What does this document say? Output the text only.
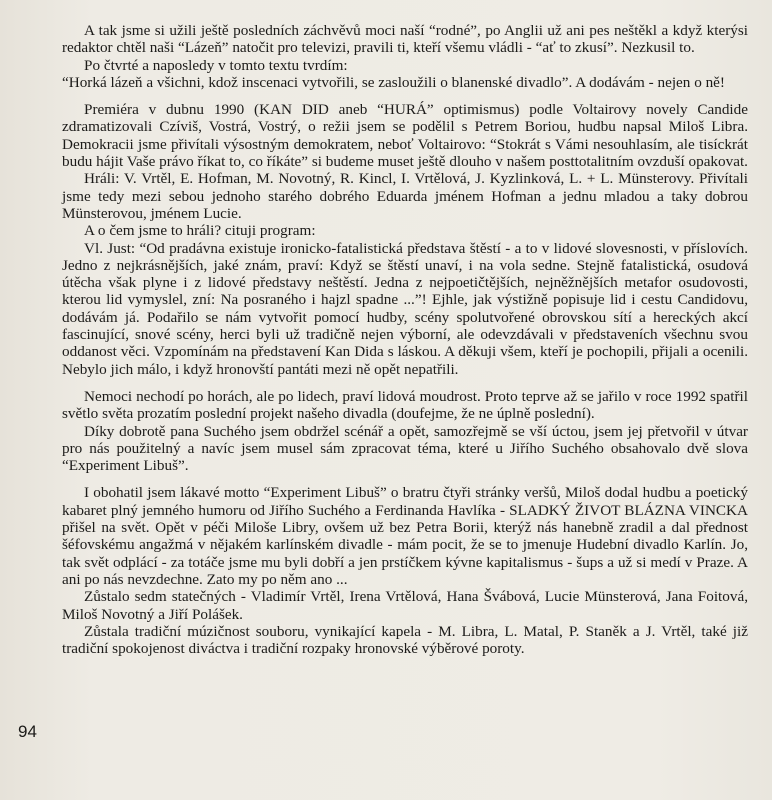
A tak jsme si užili ještě posledních záchvěvů moci naší “rodné”, po Anglii už ani pes neštěkl a když kterýsi redaktor chtěl naši “Lázeň” natočit pro televizi, pravili ti, kteří všemu vládli - “ať to zkusí”. Nezkusil to.

Po čtvrté a naposledy v tomto textu tvrdím:

“Horká lázeň a všichni, kdož inscenaci vytvořili, se zasloužili o blanenské divadlo”. A dodávám - nejen o ně!

Premiéra v dubnu 1990 (KAN DID aneb “HURÁ” optimismus) podle Voltairovy novely Candide zdramatizovali Czíviš, Vostrá, Vostrý, o režii jsem se podělil s Petrem Boriou, hudbu napsal Miloš Libra. Demokracii jsme přivítali výsostným demokratem, neboť Voltairovo: “Stokrát s Vámi nesouhlasím, ale tisíckrát budu hájit Vaše právo říkat to, co říkáte” si budeme muset ještě dlouho v našem posttotalitním ovzduší opakovat.

Hráli: V. Vrtěl, E. Hofman, M. Novotný, R. Kincl, I. Vrtělová, J. Kyzlinková, L. + L. Münsterovy. Přivítali jsme tedy mezi sebou jednoho starého dobrého Eduarda jménem Hofman a jednu mladou a taky dobrou Münsterovou, jménem Lucie.

A o čem jsme to hráli? cituji program:

Vl. Just: “Od pradávna existuje ironicko-fatalistická představa štěstí - a to v lidové slovesnosti, v příslovích. Jedno z nejkrásnějších, jaké znám, praví: Když se štěstí unaví, i na vola sedne. Stejně fatalistická, osudová útěcha však plyne i z lidové představy neštěstí. Jedna z nejpoetičtějších, nejněžnějších metafor osudovosti, kterou lid vymyslel, zní: Na posraného i hajzl spadne ...”! Ejhle, jak výstižně popisuje lid i cestu Candidovu, dodávám já. Podařilo se nám vytvořit pomocí hudby, scény spolutvořené obrovskou sítí a hereckých akcí fascinující, snové scény, herci byli už tradičně nejen výborní, ale odevzdávali v představeních všechnu svou oddanost věci. Vzpomínám na představení Kan Dida s láskou. A děkuji všem, kteří je pochopili, přijali a ocenili. Nebylo jich málo, i když hronovští pantáti mezi ně opět nepatřili.

Nemoci nechodí po horách, ale po lidech, praví lidová moudrost. Proto teprve až se jařilo v roce 1992 spatřil světlo světa prozatím poslední projekt našeho divadla (doufejme, že ne úplně poslední).

Díky dobrotě pana Suchého jsem obdržel scénář a opět, samozřejmě se vší úctou, jsem jej přetvořil v útvar pro nás použitelný a navíc jsem musel sám zpracovat téma, které u Jiřího Suchého obsahovalo dvě slova “Experiment Libuš”.

I obohatil jsem lákavé motto “Experiment Libuš” o bratru čtyři stránky veršů, Miloš dodal hudbu a poetický kabaret plný jemného humoru od Jiřího Suchého a Ferdinanda Havlíka - SLADKÝ ŽIVOT BLÁZNA VINCKA přišel na svět. Opět v péči Miloše Libry, ovšem už bez Petra Borii, kterýž nás hanebně zradil a dal přednost šéfovskému angažmá v nějakém karlínském divadle - mám pocit, že se to jmenuje Hudební divadlo Karlín. Jo, tak svět odplácí - za totáče jsme mu byli dobří a jen prstíčkem kývne kapitalismus - šups a už si medí v Praze. A ani po nás nevzdechne. Zato my po něm ano ...

Zůstalo sedm statečných - Vladimír Vrtěl, Irena Vrtělová, Hana Švábová, Lucie Münsterová, Jana Foitová, Miloš Novotný a Jiří Polášek.

Zůstala tradiční múzičnost souboru, vynikající kapela - M. Libra, L. Matal, P. Staněk a J. Vrtěl, také již tradiční spokojenost diváctva i tradiční rozpaky hronovské výběrové poroty.

94
